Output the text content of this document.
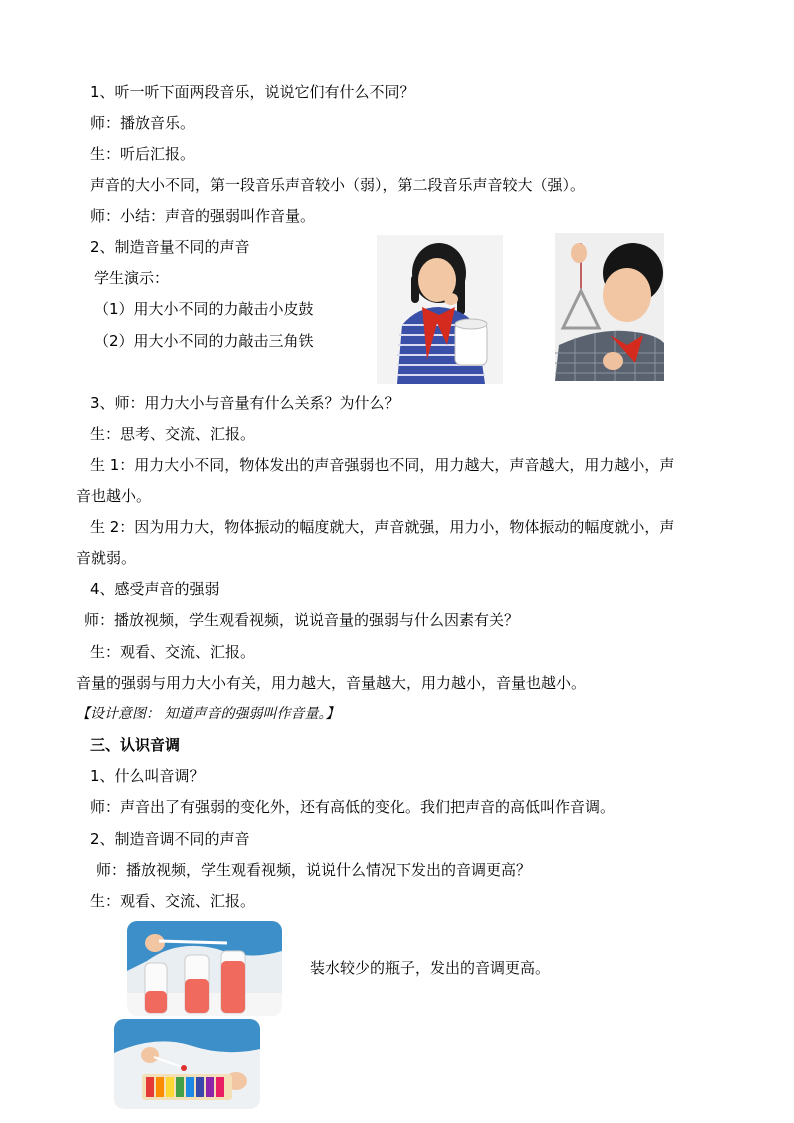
1、听一听下面两段音乐，说说它们有什么不同？
师：播放音乐。
生：听后汇报。
声音的大小不同，第一段音乐声音较小（弱），第二段音乐声音较大（强）。
师：小结：声音的强弱叫作音量。
2、制造音量不同的声音
学生演示：
（1）用大小不同的力敲击小皮鼓
（2）用大小不同的力敲击三角铁
3、师：用力大小与音量有什么关系？为什么？
生：思考、交流、汇报。
生 1：用力大小不同，物体发出的声音强弱也不同，用力越大，声音越大，用力越小，声
音也越小。
生 2：因为用力大，物体振动的幅度就大，声音就强，用力小，物体振动的幅度就小，声
音就弱。
4、感受声音的强弱
师：播放视频，学生观看视频，说说音量的强弱与什么因素有关？
生：观看、交流、汇报。
音量的强弱与用力大小有关，用力越大，音量越大，用力越小，音量也越小。
【设计意图： 知道声音的强弱叫作音量。】
三、认识音调
1、什么叫音调？
师：声音出了有强弱的变化外，还有高低的变化。我们把声音的高低叫作音调。
2、制造音调不同的声音
师：播放视频，学生观看视频，说说什么情况下发出的音调更高？
生：观看、交流、汇报。
装水较少的瓶子，发出的音调更高。
